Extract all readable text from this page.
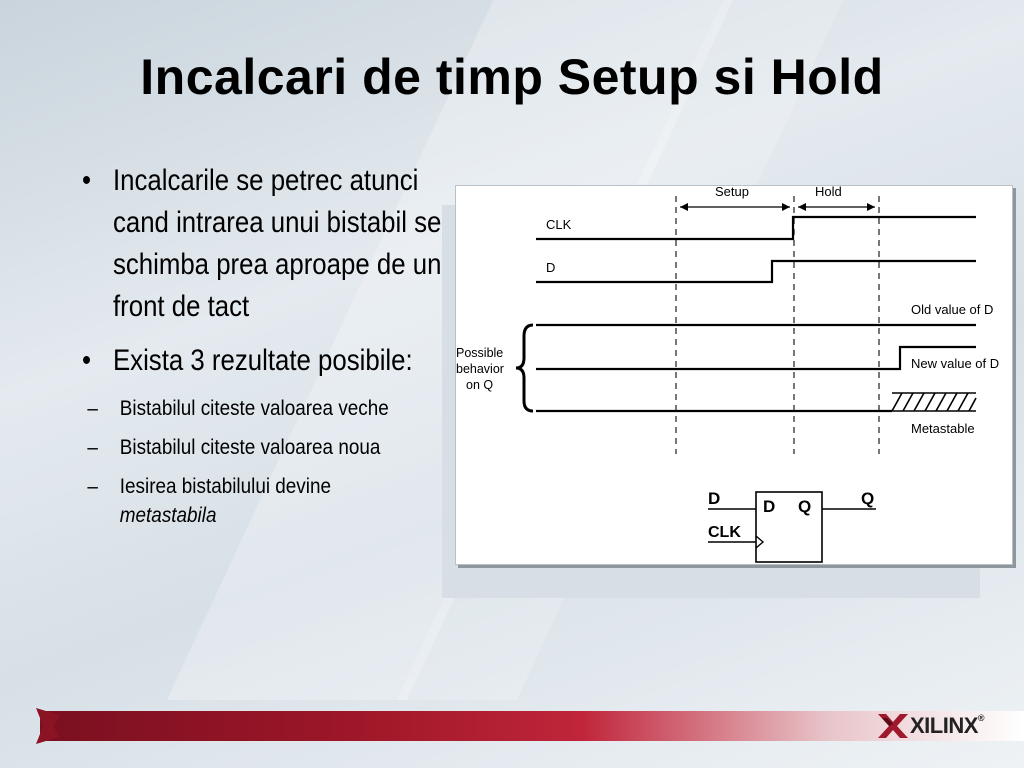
Incalcari de timp Setup si Hold
• Incalcarile se petrec atunci cand intrarea unui bistabil se schimba prea aproape de un front de tact
• Exista 3 rezultate posibile:
– Bistabilul citeste valoarea veche
– Bistabilul citeste valoarea noua
– Iesirea bistabilului devine
metastabila
Setup	Hold
CLK
D
Possible
behavior
on Q
Old value of D
New value of D
Metastable
D
CLK
D Q	Q
XILINX®
